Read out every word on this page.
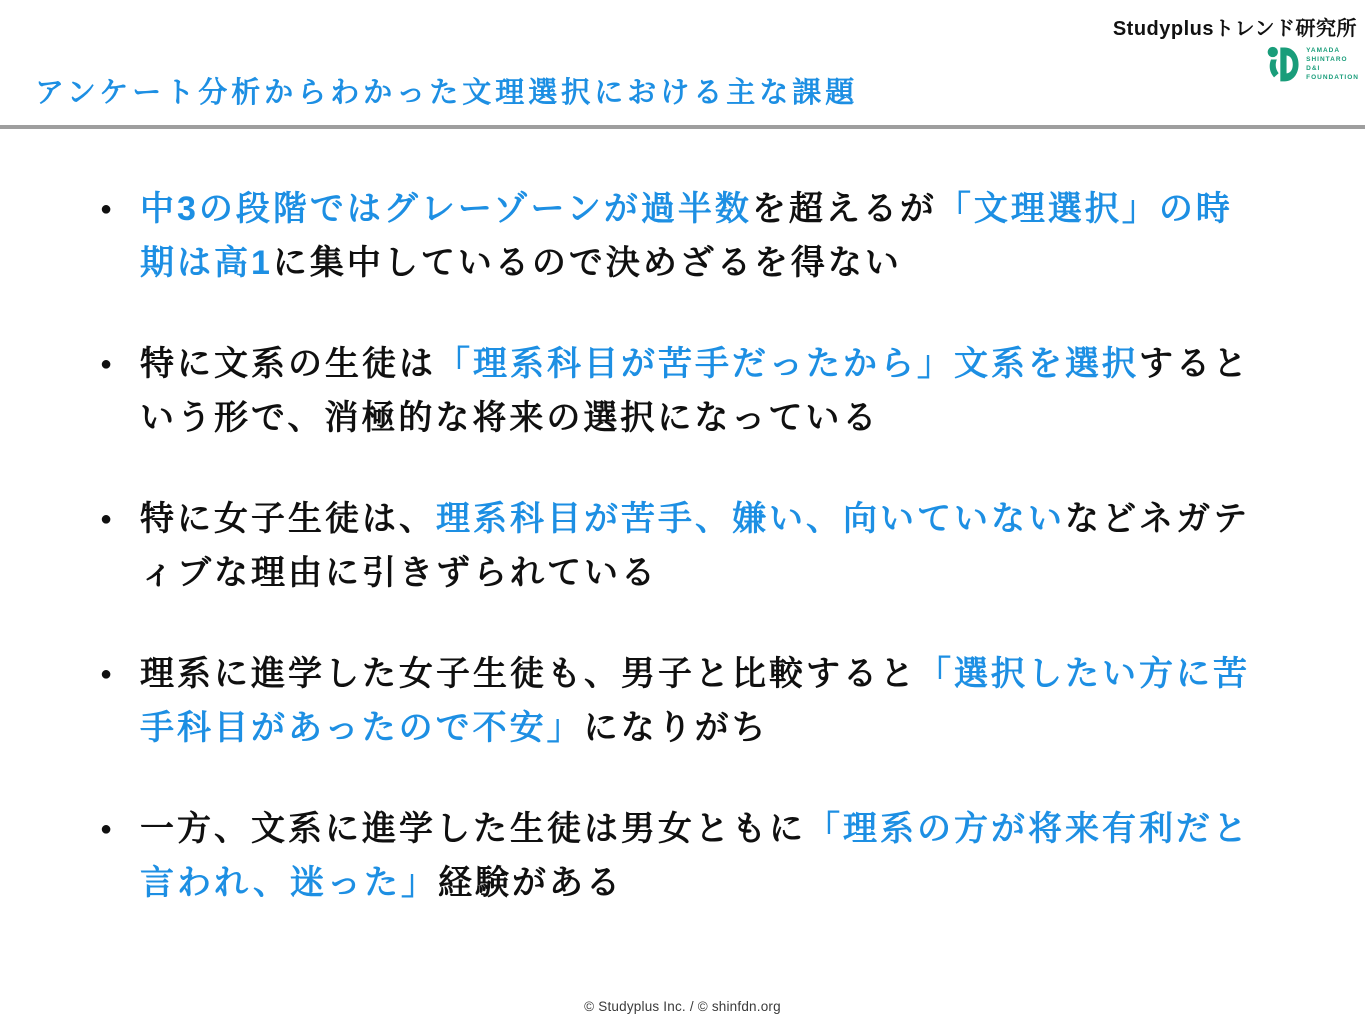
Studyplusトレンド研究所
YAMADA
SHINTARO
D&I
FOUNDATION
アンケート分析からわかった文理選択における主な課題
● 中3の段階ではグレーゾーンが過半数を超えるが「文理選択」の時期は高1に集中しているので決めざるを得ない
● 特に文系の生徒は「理系科目が苦手だったから」文系を選択するという形で、消極的な将来の選択になっている
● 特に女子生徒は、理系科目が苦手、嫌い、向いていないなどネガティブな理由に引きずられている
● 理系に進学した女子生徒も、男子と比較すると「選択したい方に苦手科目があったので不安」になりがち
● 一方、文系に進学した生徒は男女ともに「理系の方が将来有利だと言われ、迷った」経験がある
© Studyplus Inc. / © shinfdn.org
